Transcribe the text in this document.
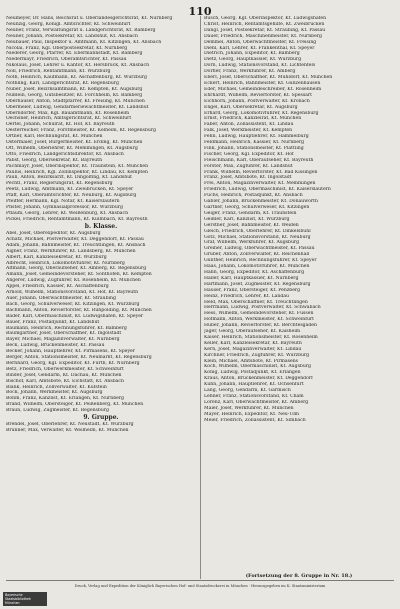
110
Neumeyer, Dr. Hans, Reichsrat u. Oberlandesgerichtsrat, Kt. Nürnberg
Neunzig, Georg, Königl. Amtsrichter, Kt. Schweinfurt
Neuner, Franz, Verwaltungsrat u. Landgerichtsrat, Kt. Bamberg
Neuner, Johann, Postsekretär, Kt. Landshut, Kt. Ansbach
Neubauer, Paul, Inspektor u. Amtmann, Kt. Kitzingen, Kt. Ansbach
Nicolai, Franz, Kgl. Oberpostsekretär, Kt. Nürnberg
Niederer, Georg, Pfarrer, Kt. Ebermannstadt, Kt. Bamberg
Niedermayr, Friedrich, Oberamtsrichter, Kt. Passau
Nikolaus, Josef, Lehrer u. Kantor, Kt. Hersbruck, Kt. Ansbach
Noll, Friedrich, Rentamtmann, Kt. Würzburg
Nöth, Heinrich, Kaufmann, Kt. Aschaffenburg, Kt. Würzburg
Nöthling, Karl, Landgerichtsrat, Kt. Regensburg
Nuber, Josef, Bezirksamtmann, Kt. Kempten, Kt. Augsburg
Nüßlein, Georg, Gutsbesitzer, Kt. Forchheim, Kt. Bamberg
Oberhauser, Anton, Stadtpfarrer, Kt. Freising, Kt. München
Obermeier, Ludwig, Gendarmeriewachtmeister, Kt. Landshut
Oberndorfer, Max, Kgl. Bauamtmann, Kt. Rosenheim
Oechsner, Heinrich, Amtsgerichtsrat, Kt. Schweinfurt
Oertel, Johann, Schulrat, Kt. Hof, Kt. Bayreuth
Oesterreicher, Franz, Forstmeister, Kt. Kelheim, Kt. Regensburg
Ortner, Karl, Rechnungsrat, Kt. München
Ostermaier, Josef, Bürgermeister, Kt. Erding, Kt. München
Ott, Wilhelm, Oberlehrer, Kt. Memmingen, Kt. Augsburg
Otto, Friedrich, Landgerichtsdirektor, Kt. Ansbach
Pabst, Georg, Obersekretär, Kt. Bayreuth
Pachmayr, Josef, Oberinspektor, Kt. Traunstein, Kt. München
Paulus, Heinrich, Kgl. Zollinspektor, Kt. Lindau, Kt. Kempten
Pauli, Anton, Bezirksarzt, Kt. Dingolfing, Kt. Landshut
Pechtl, Franz, Regierungsrat, Kt. Regensburg
Peetz, Ludwig, Amtmann, Kt. Zweibrücken, Kt. Speyer
Pfaff, Karl, Oberamtsrichter, Kt. Neuburg, Kt. Augsburg
Pfeiffer, Hermann, Kgl. Notar, Kt. Kaiserslautern
Pfister, Johann, Gymnasialprofessor, Kt. Würzburg
Pflaum, Georg, Lehrer, Kt. Weißenburg, Kt. Ansbach
Pickel, Friedrich, Rentamtmann, Kt. Kulmbach, Kt. Bayreuth
b. Klasse.
Abel, Josef, Oberexpeditor, Kt. Augsburg
Achatz, Michael, Postverwalter, Kt. Deggendorf, Kt. Passau
Adam, Johann, Bahnmeister, Kt. Treuchtlingen, Kt. Ansbach
Aigner, Franz, Werkführer, Kt. Landsberg, Kt. München
Albert, Karl, Kanzleisekretär, Kt. Würzburg
Albrecht, Heinrich, Lokomotivführer, Kt. Nürnberg
Altmann, Georg, Oberaufseher, Kt. Amberg, Kt. Regensburg
Amann, Josef, Gemeindevorsteher, Kt. Sonthofen, Kt. Kempten
Angerer, Ludwig, Zugführer, Kt. Rosenheim, Kt. München
Appel, Friedrich, Kassier, Kt. Aschaffenburg
Arnold, Wilhelm, Stationsvorstand, Kt. Hof, Kt. Bayreuth
Auer, Johann, Oberwachtmeister, Kt. Straubing
Bach, Georg, Schulverweser, Kt. Kitzingen, Kt. Würzburg
Bachmann, Anton, Revierförster, Kt. Ruhpolding, Kt. München
Bader, Karl, Obermaschinist, Kt. Ludwigshafen, Kt. Speyer
Bauer, Franz, Postadjunkt, Kt. Landshut
Baumann, Heinrich, Rechnungsführer, Kt. Bamberg
Baumgartner, Josef, Oberschaffner, Kt. Ingolstadt
Bayer, Michael, Magazinverwalter, Kt. Nürnberg
Beck, Ludwig, Brückenmeister, Kt. Passau
Becker, Johann, Hauptlehrer, Kt. Pirmasens, Kt. Speyer
Berger, Anton, Stationsmeister, Kt. Neumarkt, Kt. Regensburg
Bernhard, Georg, Kgl. Expeditor, Kt. Fürth, Kt. Nürnberg
Betz, Friedrich, Oberwerkmeister, Kt. Schweinfurt
Binder, Josef, Gendarm, Kt. Dachau, Kt. München
Bischof, Karl, Amtsbote, Kt. Eichstätt, Kt. Ansbach
Blank, Heinrich, Zollverwalter, Kt. Kufstein
Bock, Johann, Werkmeister, Kt. Augsburg
Böhm, Franz, Kanzlist, Kt. Erlangen, Kt. Nürnberg
Brand, Wilhelm, Obersteiger, Kt. Peißenberg, Kt. München
Braun, Ludwig, Zugmeister, Kt. Regensburg
9. Gruppe.
Brendel, Josef, Oberlehrer, Kt. Neustadt, Kt. Würzburg
Brunner, Max, Verwalter, Kt. Weilheim, Kt. München
Busch, Georg, Kgl. Oberinspektor, Kt. Ludwigshafen
Christ, Heinrich, Rentamtsgehilfe, Kt. Zweibrücken
Dangl, Josef, Postsekretär, Kt. Straubing, Kt. Passau
Dauer, Friedrich, Maschinenmeister, Kt. Nürnberg
Demmel, Anton, Oberwachtmeister, Kt. Freising
Diehl, Karl, Lehrer, Kt. Frankenthal, Kt. Speyer
Dietrich, Johann, Expeditor, Kt. Bamberg
Dietz, Georg, Hauptkassier, Kt. Würzburg
Dorn, Ludwig, Stationsvorstand, Kt. Lichtenfels
Dörfler, Franz, Werkführer, Kt. Amberg
Eberl, Josef, Oberschaffner, Kt. Mühldorf, Kt. München
Eckert, Heinrich, Bahnmeister, Kt. Gunzenhausen
Eder, Michael, Gemeindeschreiber, Kt. Rosenheim
Ehrhardt, Wilhelm, Revierförster, Kt. Spessart
Eichhorn, Johann, Postverwalter, Kt. Kronach
Engel, Karl, Obersekretär, Kt. Augsburg
Erhard, Georg, Lokomotivführer, Kt. Regensburg
Ernst, Friedrich, Kanzleirat, Kt. München
Faber, Anton, Zollassistent, Kt. Lindau
Falk, Josef, Werkmeister, Kt. Kempten
Fehn, Ludwig, Hauptlehrer, Kt. Hammelburg
Feldmann, Heinrich, Kassier, Kt. Nürnberg
Fink, Johann, Stationsmeister, Kt. Plattling
Fischer, Georg, Kgl. Expeditor, Kt. Hof
Fleischmann, Karl, Oberaufseher, Kt. Bayreuth
Forster, Max, Zugführer, Kt. Landshut
Frank, Wilhelm, Revierförster, Kt. Bad Kissingen
Franz, Josef, Amtsbote, Kt. Ingolstadt
Frei, Anton, Magazinverwalter, Kt. Memmingen
Friedrich, Ludwig, Obermaschinist, Kt. Kaiserslautern
Fuchs, Heinrich, Postadjunkt, Kt. Ansbach
Gabler, Johann, Brückenmeister, Kt. Donauwörth
Gärtner, Georg, Schulverweser, Kt. Kitzingen
Geiger, Franz, Gendarm, Kt. Traunstein
Geißler, Karl, Kanzlist, Kt. Würzburg
Gerstner, Josef, Bahnmeister, Kt. Weiden
Gleich, Friedrich, Oberlehrer, Kt. Dinkelsbühl
Götz, Michael, Stationsvorstand, Kt. Neuburg
Graf, Wilhelm, Werkführer, Kt. Augsburg
Greiner, Ludwig, Oberwachtmeister, Kt. Passau
Gruber, Anton, Zollverwalter, Kt. Reichenhall
Günther, Heinrich, Rechnungsführer, Kt. Speyer
Haas, Johann, Lokomotivführer, Kt. München
Hahn, Georg, Expeditor, Kt. Aschaffenburg
Haller, Karl, Hauptkassier, Kt. Nürnberg
Hartmann, Josef, Zugmeister, Kt. Regensburg
Hauser, Franz, Obersteiger, Kt. Penzberg
Heinz, Friedrich, Lehrer, Kt. Landau
Held, Max, Oberschaffner, Kt. Treuchtlingen
Herrmann, Ludwig, Postverwalter, Kt. Schwabach
Hess, Wilhelm, Gemeindevorsteher, Kt. Füssen
Hofmann, Anton, Werkmeister, Kt. Schweinfurt
Huber, Johann, Revierförster, Kt. Berchtesgaden
Jäger, Georg, Oberaufseher, Kt. Kaisheim
Kaiser, Heinrich, Stationsmeister, Kt. Rosenheim
Keller, Karl, Kanzleisekretär, Kt. Bayreuth
Kern, Josef, Magazinverwalter, Kt. Lindau
Kirchner, Friedrich, Zugführer, Kt. Würzburg
Klein, Michael, Amtsbote, Kt. Pirmasens
Koch, Wilhelm, Obermaschinist, Kt. Augsburg
König, Ludwig, Postadjunkt, Kt. Erlangen
Kraus, Anton, Brückenmeister, Kt. Deggendorf
Kuhn, Johann, Hauptlehrer, Kt. Ochsenfurt
Lang, Georg, Gendarm, Kt. Garmisch
Lehner, Franz, Stationsvorstand, Kt. Cham
Lorenz, Karl, Oberwachtmeister, Kt. Amberg
Maier, Josef, Werkführer, Kt. München
Mayer, Heinrich, Expeditor, Kt. Neu-Ulm
Meier, Friedrich, Zollassistent, Kt. Simbach
(Fortsetzung der 8. Gruppe in Nr. 18.)
Druck, Verlag und Expedition der Königlich Bayerischen Hof- und Staatsdruckerei in München · Herausgegeben im K. Staatsministerium
Bayerische
Staatsbibliothek
München
